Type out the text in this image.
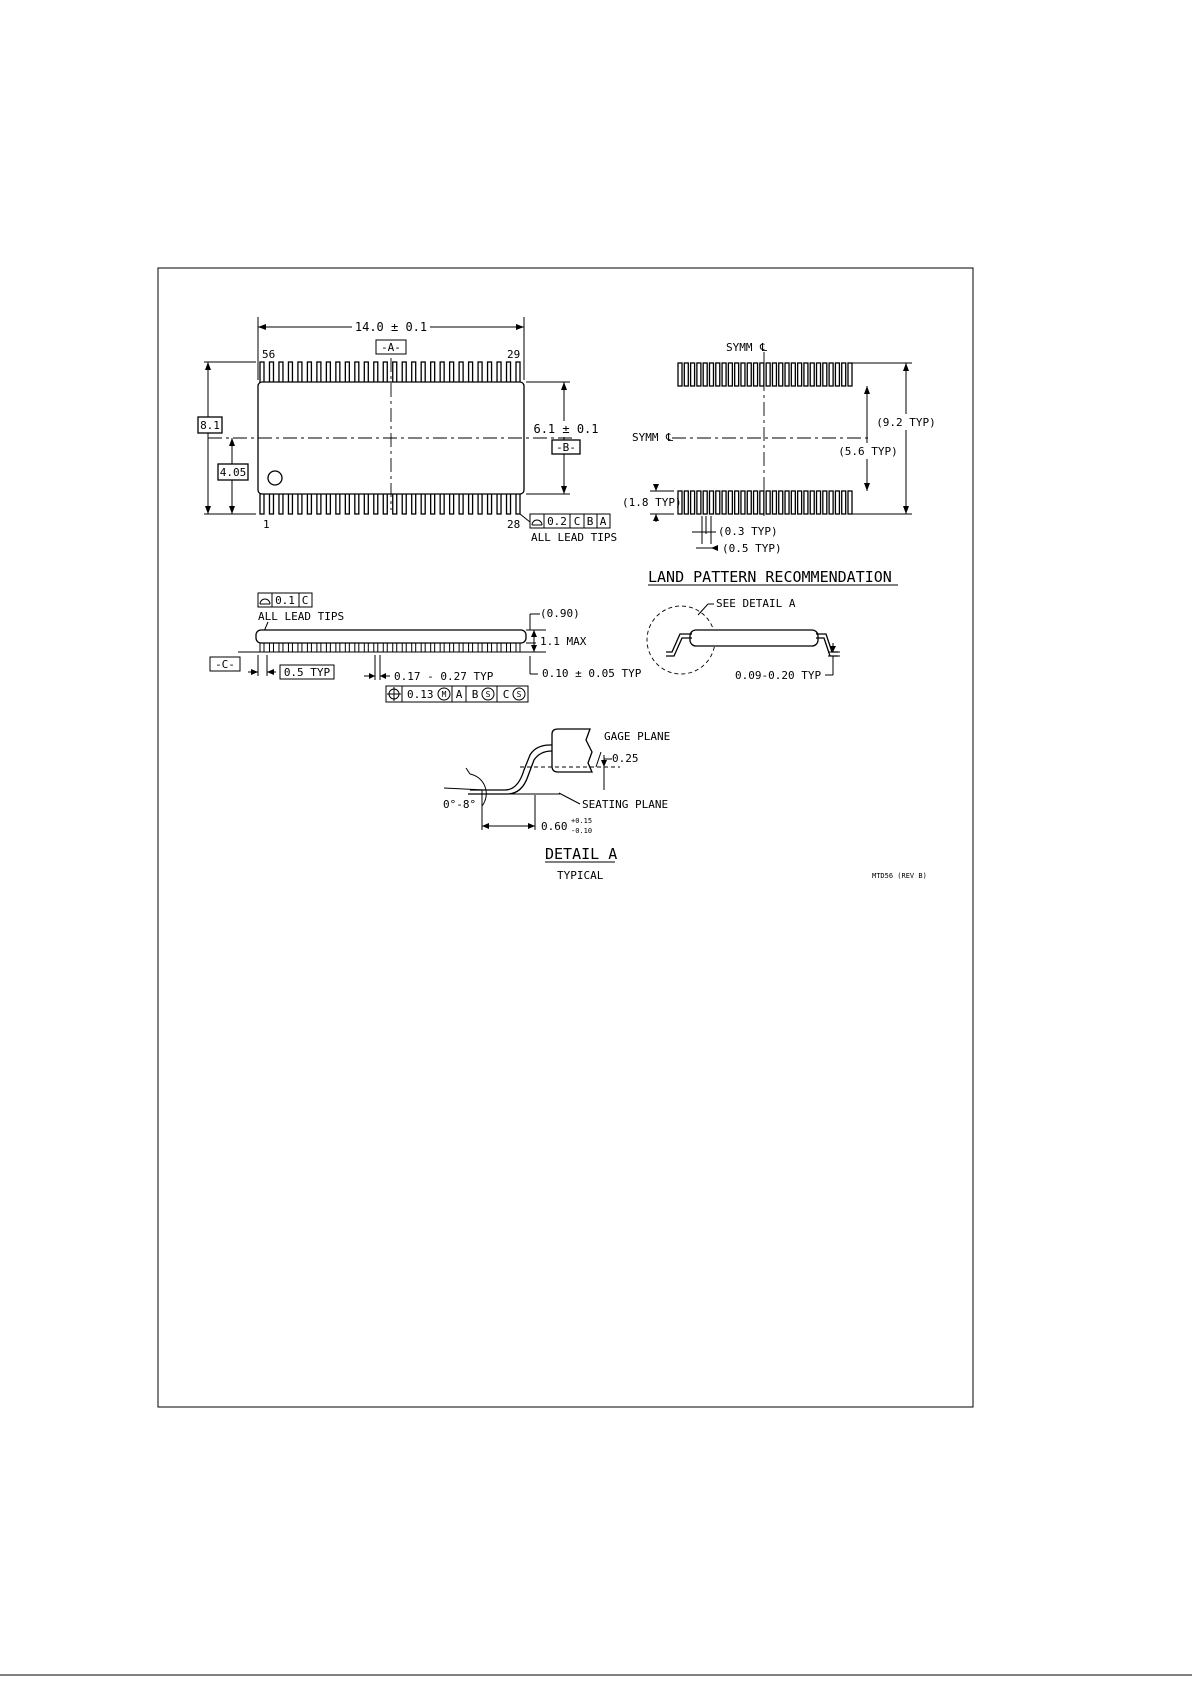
14.0 ± 0.1
-A-
56	29
1	28
8.1
4.05
6.1 ± 0.1
-B-
0.2 C B A
ALL LEAD TIPS
SYMM ℄
SYMM ℄
(9.2 TYP)
(5.6 TYP)
(1.8 TYP)
(0.3 TYP)
(0.5 TYP)
LAND PATTERN RECOMMENDATION
0.1 C
ALL LEAD TIPS	(0.90)
1.1 MAX
0.10 ± 0.05 TYP
-C-
0.5 TYP	0.17 - 0.27 TYP
0.13 M A B S C S
SEE DETAIL A
0.09-0.20 TYP
0.25
GAGE PLANE
SEATING PLANE
0.60 +0.15
-0.10
0°-8°
DETAIL A
TYPICAL	MTD56 (REV B)
